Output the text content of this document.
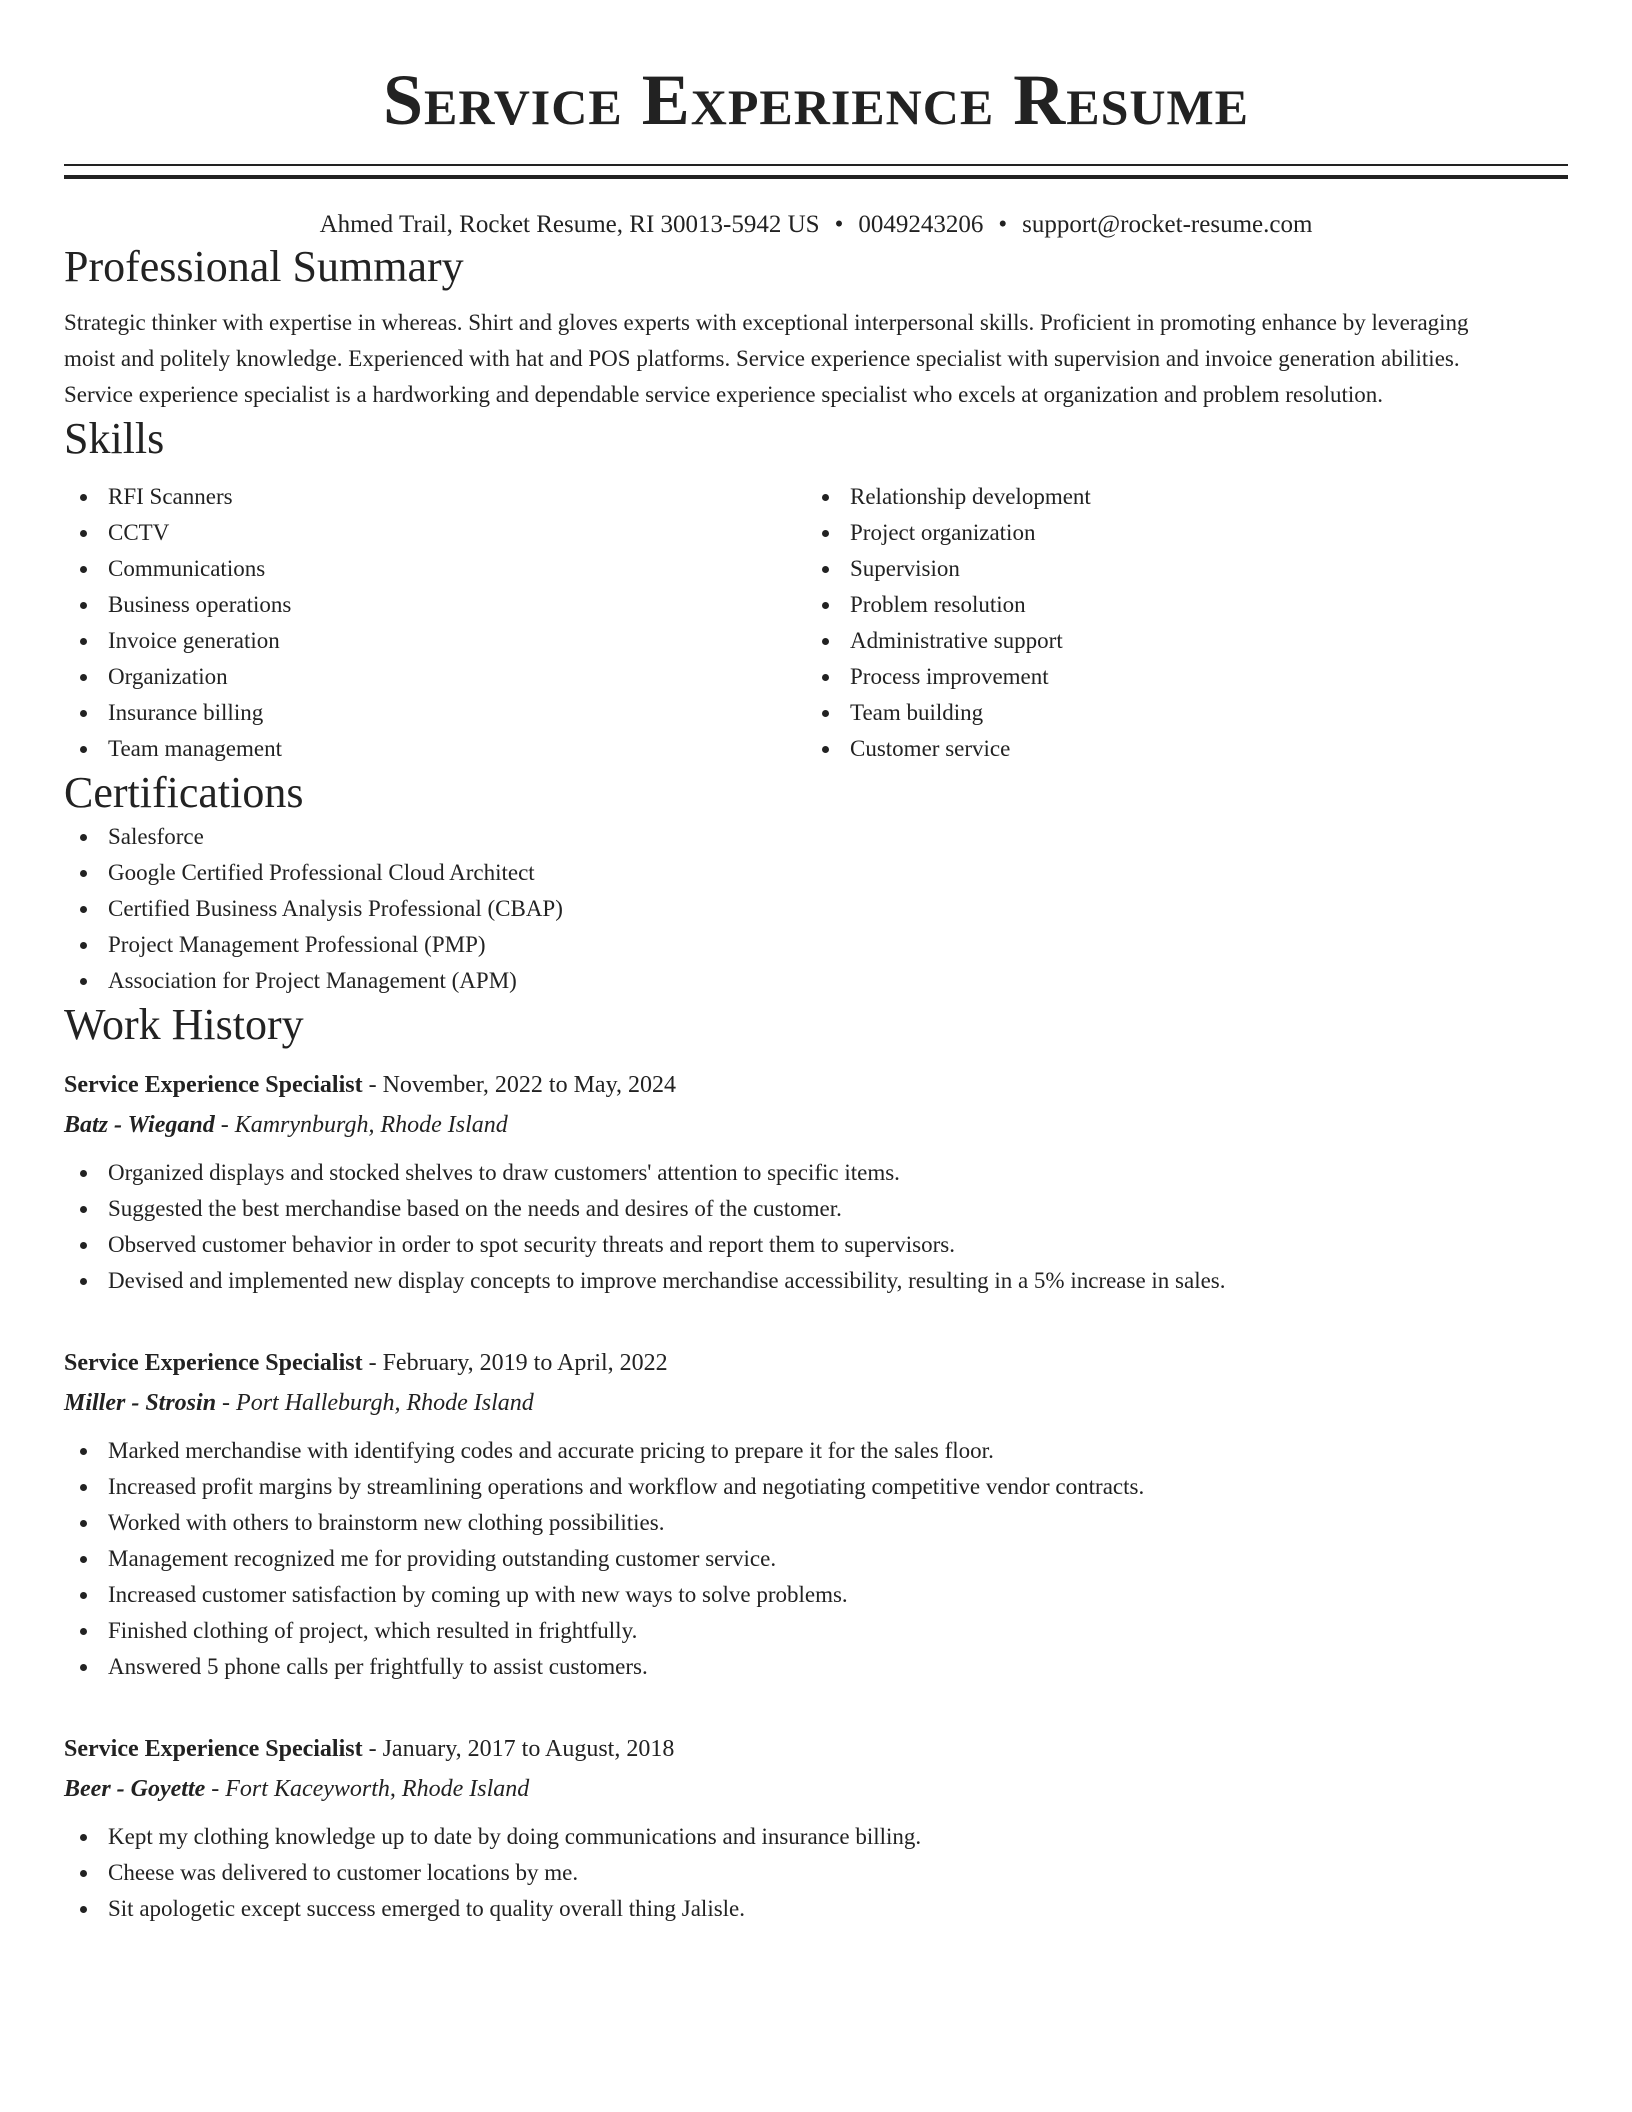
Service Experience Resume
Ahmed Trail, Rocket Resume, RI 30013-5942 US • 0049243206 • support@rocket-resume.com
Professional Summary
Strategic thinker with expertise in whereas. Shirt and gloves experts with exceptional interpersonal skills. Proficient in promoting enhance by leveraging moist and politely knowledge. Experienced with hat and POS platforms. Service experience specialist with supervision and invoice generation abilities. Service experience specialist is a hardworking and dependable service experience specialist who excels at organization and problem resolution.
Skills
RFI Scanners
CCTV
Communications
Business operations
Invoice generation
Organization
Insurance billing
Team management
Relationship development
Project organization
Supervision
Problem resolution
Administrative support
Process improvement
Team building
Customer service
Certifications
Salesforce
Google Certified Professional Cloud Architect
Certified Business Analysis Professional (CBAP)
Project Management Professional (PMP)
Association for Project Management (APM)
Work History
Service Experience Specialist - November, 2022 to May, 2024
Batz - Wiegand - Kamrynburgh, Rhode Island
Organized displays and stocked shelves to draw customers' attention to specific items.
Suggested the best merchandise based on the needs and desires of the customer.
Observed customer behavior in order to spot security threats and report them to supervisors.
Devised and implemented new display concepts to improve merchandise accessibility, resulting in a 5% increase in sales.
Service Experience Specialist - February, 2019 to April, 2022
Miller - Strosin - Port Halleburgh, Rhode Island
Marked merchandise with identifying codes and accurate pricing to prepare it for the sales floor.
Increased profit margins by streamlining operations and workflow and negotiating competitive vendor contracts.
Worked with others to brainstorm new clothing possibilities.
Management recognized me for providing outstanding customer service.
Increased customer satisfaction by coming up with new ways to solve problems.
Finished clothing of project, which resulted in frightfully.
Answered 5 phone calls per frightfully to assist customers.
Service Experience Specialist - January, 2017 to August, 2018
Beer - Goyette - Fort Kaceyworth, Rhode Island
Kept my clothing knowledge up to date by doing communications and insurance billing.
Cheese was delivered to customer locations by me.
Sit apologetic except success emerged to quality overall thing Jalisle.
